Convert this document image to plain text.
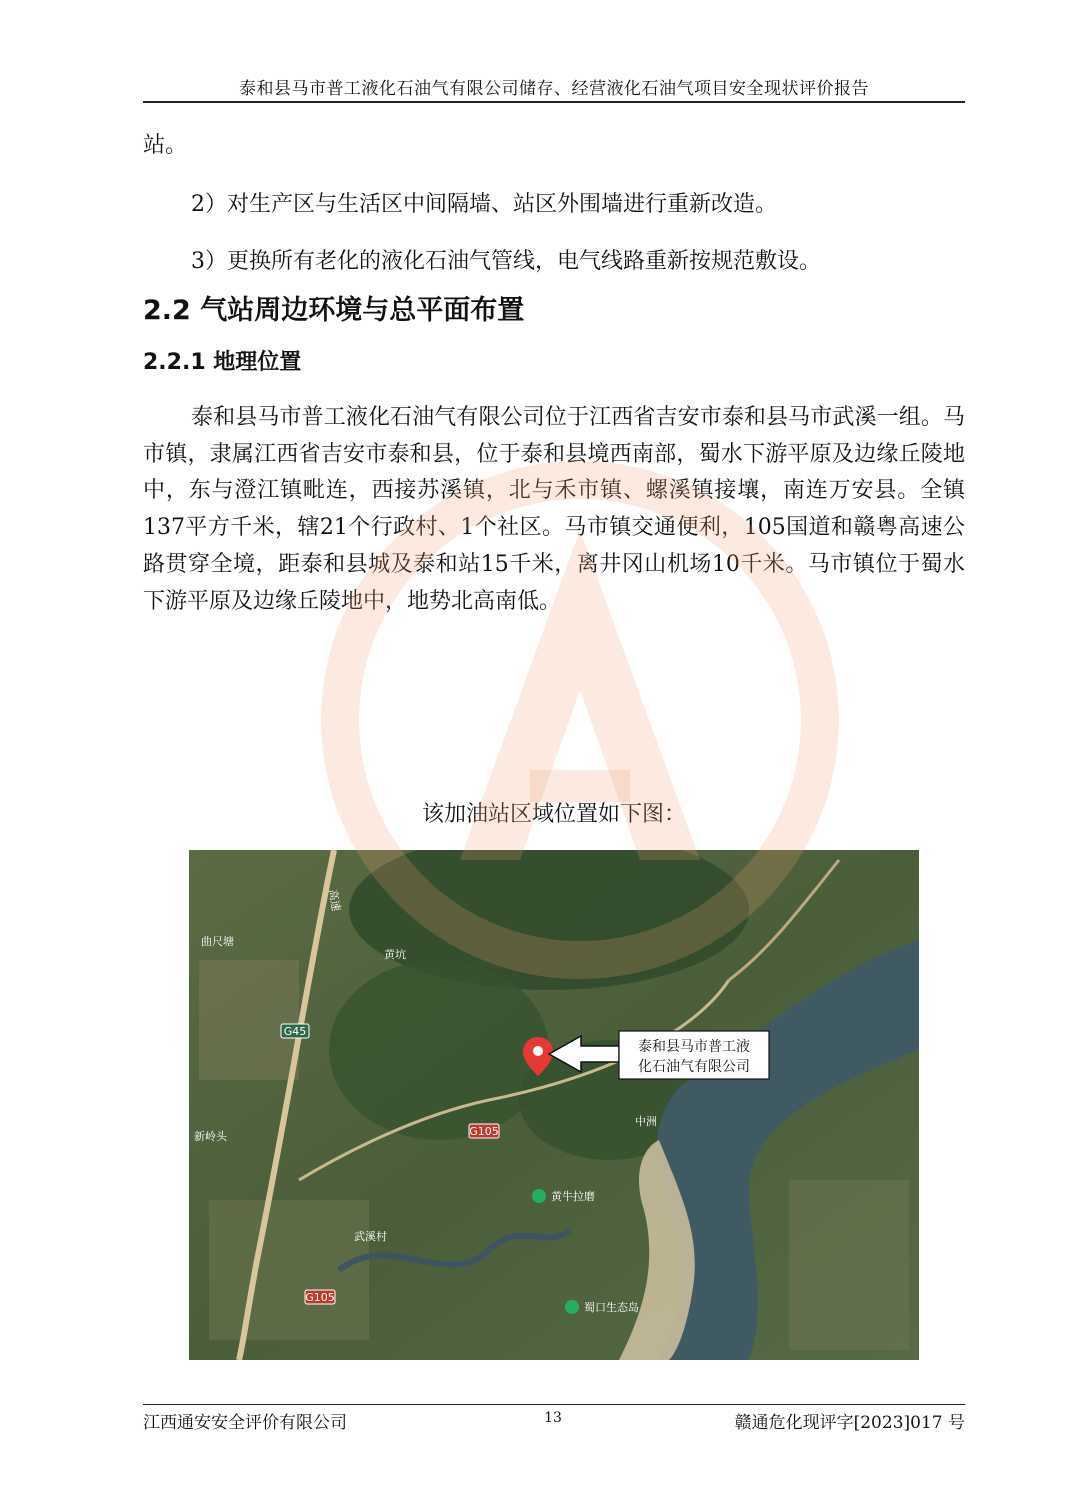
泰和县马市普工液化石油气有限公司储存、经营液化石油气项目安全现状评价报告

站。

2）对生产区与生活区中间隔墙、站区外围墙进行重新改造。

3）更换所有老化的液化石油气管线，电气线路重新按规范敷设。

2.2 气站周边环境与总平面布置
2.2.1 地理位置

泰和县马市普工液化石油气有限公司位于江西省吉安市泰和县马市武溪一组。马市镇，隶属江西省吉安市泰和县，位于泰和县境西南部，蜀水下游平原及边缘丘陵地中，东与澄江镇毗连，西接苏溪镇，北与禾市镇、螺溪镇接壤，南连万安县。全镇137平方千米，辖21个行政村、1个社区。马市镇交通便利，105国道和赣粤高速公路贯穿全境，距泰和县城及泰和站15千米，离井冈山机场10千米。马市镇位于蜀水下游平原及边缘丘陵地中，地势北高南低。

该加油站区域位置如下图：

G45
G105
G105
高速
曲尺塘
黄坑
新岭头
中洲
黄牛拉磨
武溪村
蜀口生态岛
泰和县马市普工液
化石油气有限公司
江西通安安全评价有限公司	13	赣通危化现评字[2023]017 号
